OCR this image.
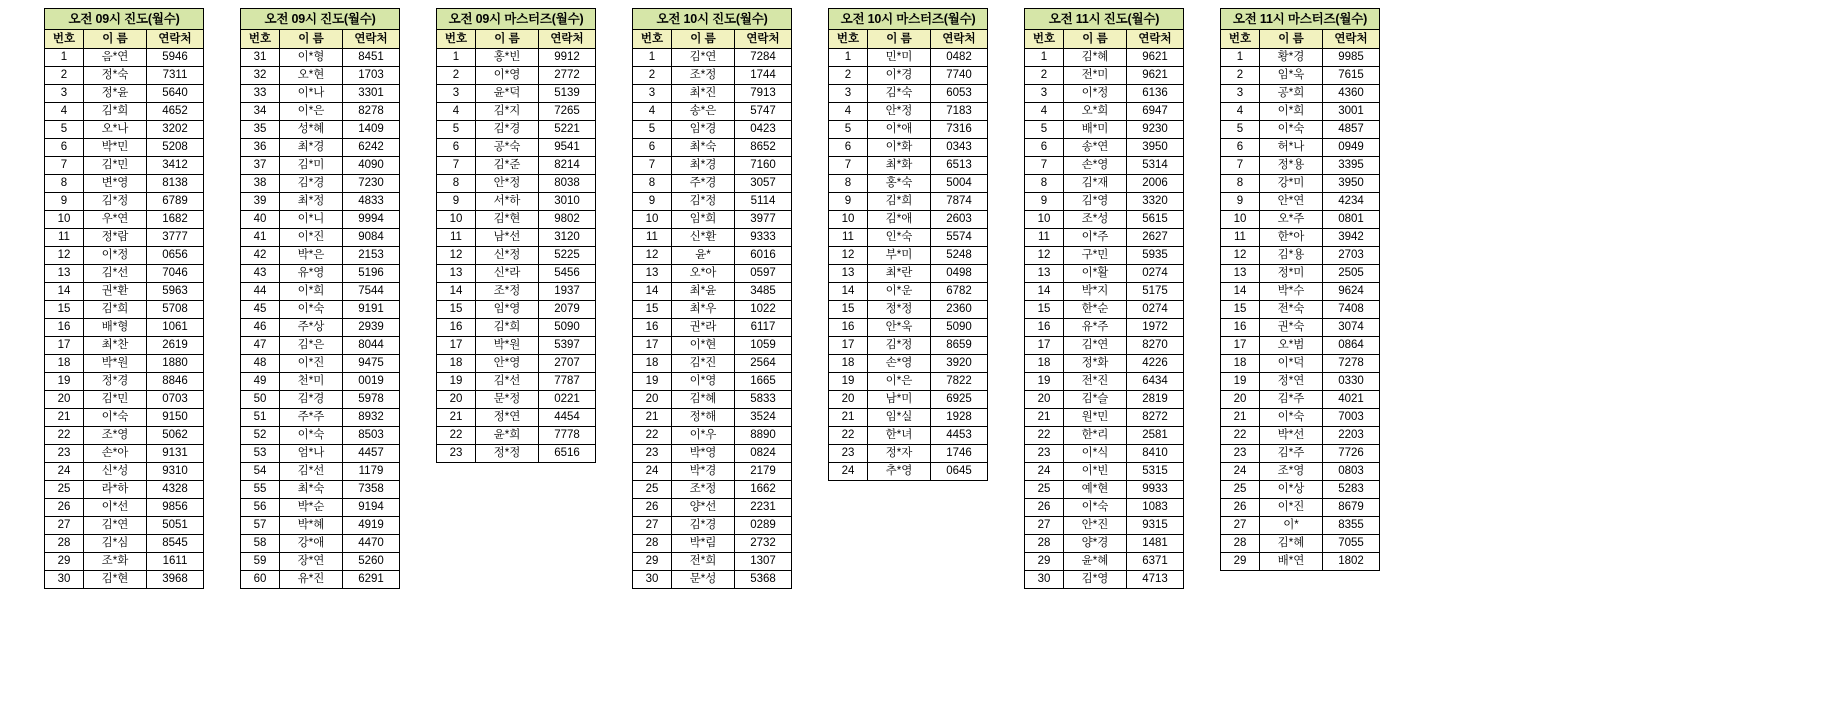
오전 09시 진도(월수)		
번호	이 름	연락처
1	음*연	5946
2	정*숙	7311
3	정*윤	5640
4	김*희	4652
5	오*나	3202
6	박*민	5208
7	김*민	3412
8	변*영	8138
9	김*정	6789
10	우*연	1682
11	정*람	3777
12	이*정	0656
13	김*선	7046
14	권*환	5963
15	김*희	5708
16	배*형	1061
17	최*찬	2619
18	박*원	1880
19	정*경	8846
20	김*민	0703
21	이*숙	9150
22	조*영	5062
23	손*아	9131
24	신*성	9310
25	라*하	4328
26	이*선	9856
27	김*연	5051
28	김*심	8545
29	조*화	1611
30	김*현	3968
오전 09시 진도(월수)		
번호	이 름	연락처
31	이*형	8451
32	오*현	1703
33	이*나	3301
34	이*은	8278
35	성*혜	1409
36	최*경	6242
37	김*미	4090
38	김*경	7230
39	최*정	4833
40	이*니	9994
41	이*진	9084
42	박*은	2153
43	유*영	5196
44	이*희	7544
45	이*숙	9191
46	주*상	2939
47	김*은	8044
48	이*진	9475
49	천*미	0019
50	김*경	5978
51	주*주	8932
52	이*숙	8503
53	엄*나	4457
54	김*선	1179
55	최*숙	7358
56	박*순	9194
57	박*혜	4919
58	강*애	4470
59	장*연	5260
60	유*진	6291
오전 09시 마스터즈(월수)		
번호	이 름	연락처
1	홍*빈	9912
2	이*영	2772
3	윤*덕	5139
4	김*지	7265
5	김*경	5221
6	공*숙	9541
7	김*준	8214
8	안*정	8038
9	서*하	3010
10	김*현	9802
11	남*선	3120
12	신*정	5225
13	신*라	5456
14	조*정	1937
15	임*영	2079
16	김*희	5090
17	박*원	5397
18	안*영	2707
19	김*선	7787
20	문*정	0221
21	정*연	4454
22	윤*희	7778
23	정*정	6516
오전 10시 진도(월수)		
번호	이 름	연락처
1	김*연	7284
2	조*정	1744
3	최*진	7913
4	송*은	5747
5	임*경	0423
6	최*숙	8652
7	최*경	7160
8	주*경	3057
9	김*정	5114
10	임*희	3977
11	신*환	9333
12	윤*	6016
13	오*아	0597
14	최*윤	3485
15	최*우	1022
16	권*라	6117
17	이*현	1059
18	김*진	2564
19	이*영	1665
20	김*혜	5833
21	정*해	3524
22	이*우	8890
23	박*영	0824
24	박*경	2179
25	조*정	1662
26	양*선	2231
27	김*경	0289
28	박*림	2732
29	전*희	1307
30	문*성	5368
오전 10시 마스터즈(월수)		
번호	이 름	연락처
1	민*미	0482
2	이*경	7740
3	김*숙	6053
4	안*정	7183
5	이*애	7316
6	이*화	0343
7	최*화	6513
8	홍*숙	5004
9	김*희	7874
10	김*애	2603
11	인*숙	5574
12	부*미	5248
13	최*란	0498
14	이*운	6782
15	정*정	2360
16	안*욱	5090
17	김*정	8659
18	손*영	3920
19	이*은	7822
20	남*미	6925
21	임*실	1928
22	한*녀	4453
23	정*자	1746
24	추*영	0645
오전 11시 진도(월수)		
번호	이 름	연락처
1	김*혜	9621
2	전*미	9621
3	이*정	6136
4	오*희	6947
5	배*미	9230
6	송*연	3950
7	손*영	5314
8	김*재	2006
9	김*영	3320
10	조*성	5615
11	이*주	2627
12	구*민	5935
13	이*활	0274
14	박*지	5175
15	한*순	0274
16	유*주	1972
17	김*연	8270
18	정*화	4226
19	전*진	6434
20	김*슬	2819
21	원*민	8272
22	한*리	2581
23	이*식	8410
24	이*빈	5315
25	예*현	9933
26	이*숙	1083
27	안*진	9315
28	양*경	1481
29	윤*혜	6371
30	김*영	4713
오전 11시 마스터즈(월수)		
번호	이 름	연락처
1	황*경	9985
2	임*욱	7615
3	공*희	4360
4	이*희	3001
5	이*숙	4857
6	허*나	0949
7	정*용	3395
8	강*미	3950
9	안*연	4234
10	오*주	0801
11	한*아	3942
12	김*용	2703
13	정*미	2505
14	박*수	9624
15	전*숙	7408
16	권*숙	3074
17	오*범	0864
18	이*덕	7278
19	정*연	0330
20	김*주	4021
21	이*숙	7003
22	박*선	2203
23	김*주	7726
24	조*영	0803
25	이*상	5283
26	이*진	8679
27	이*	8355
28	김*혜	7055
29	배*연	1802
